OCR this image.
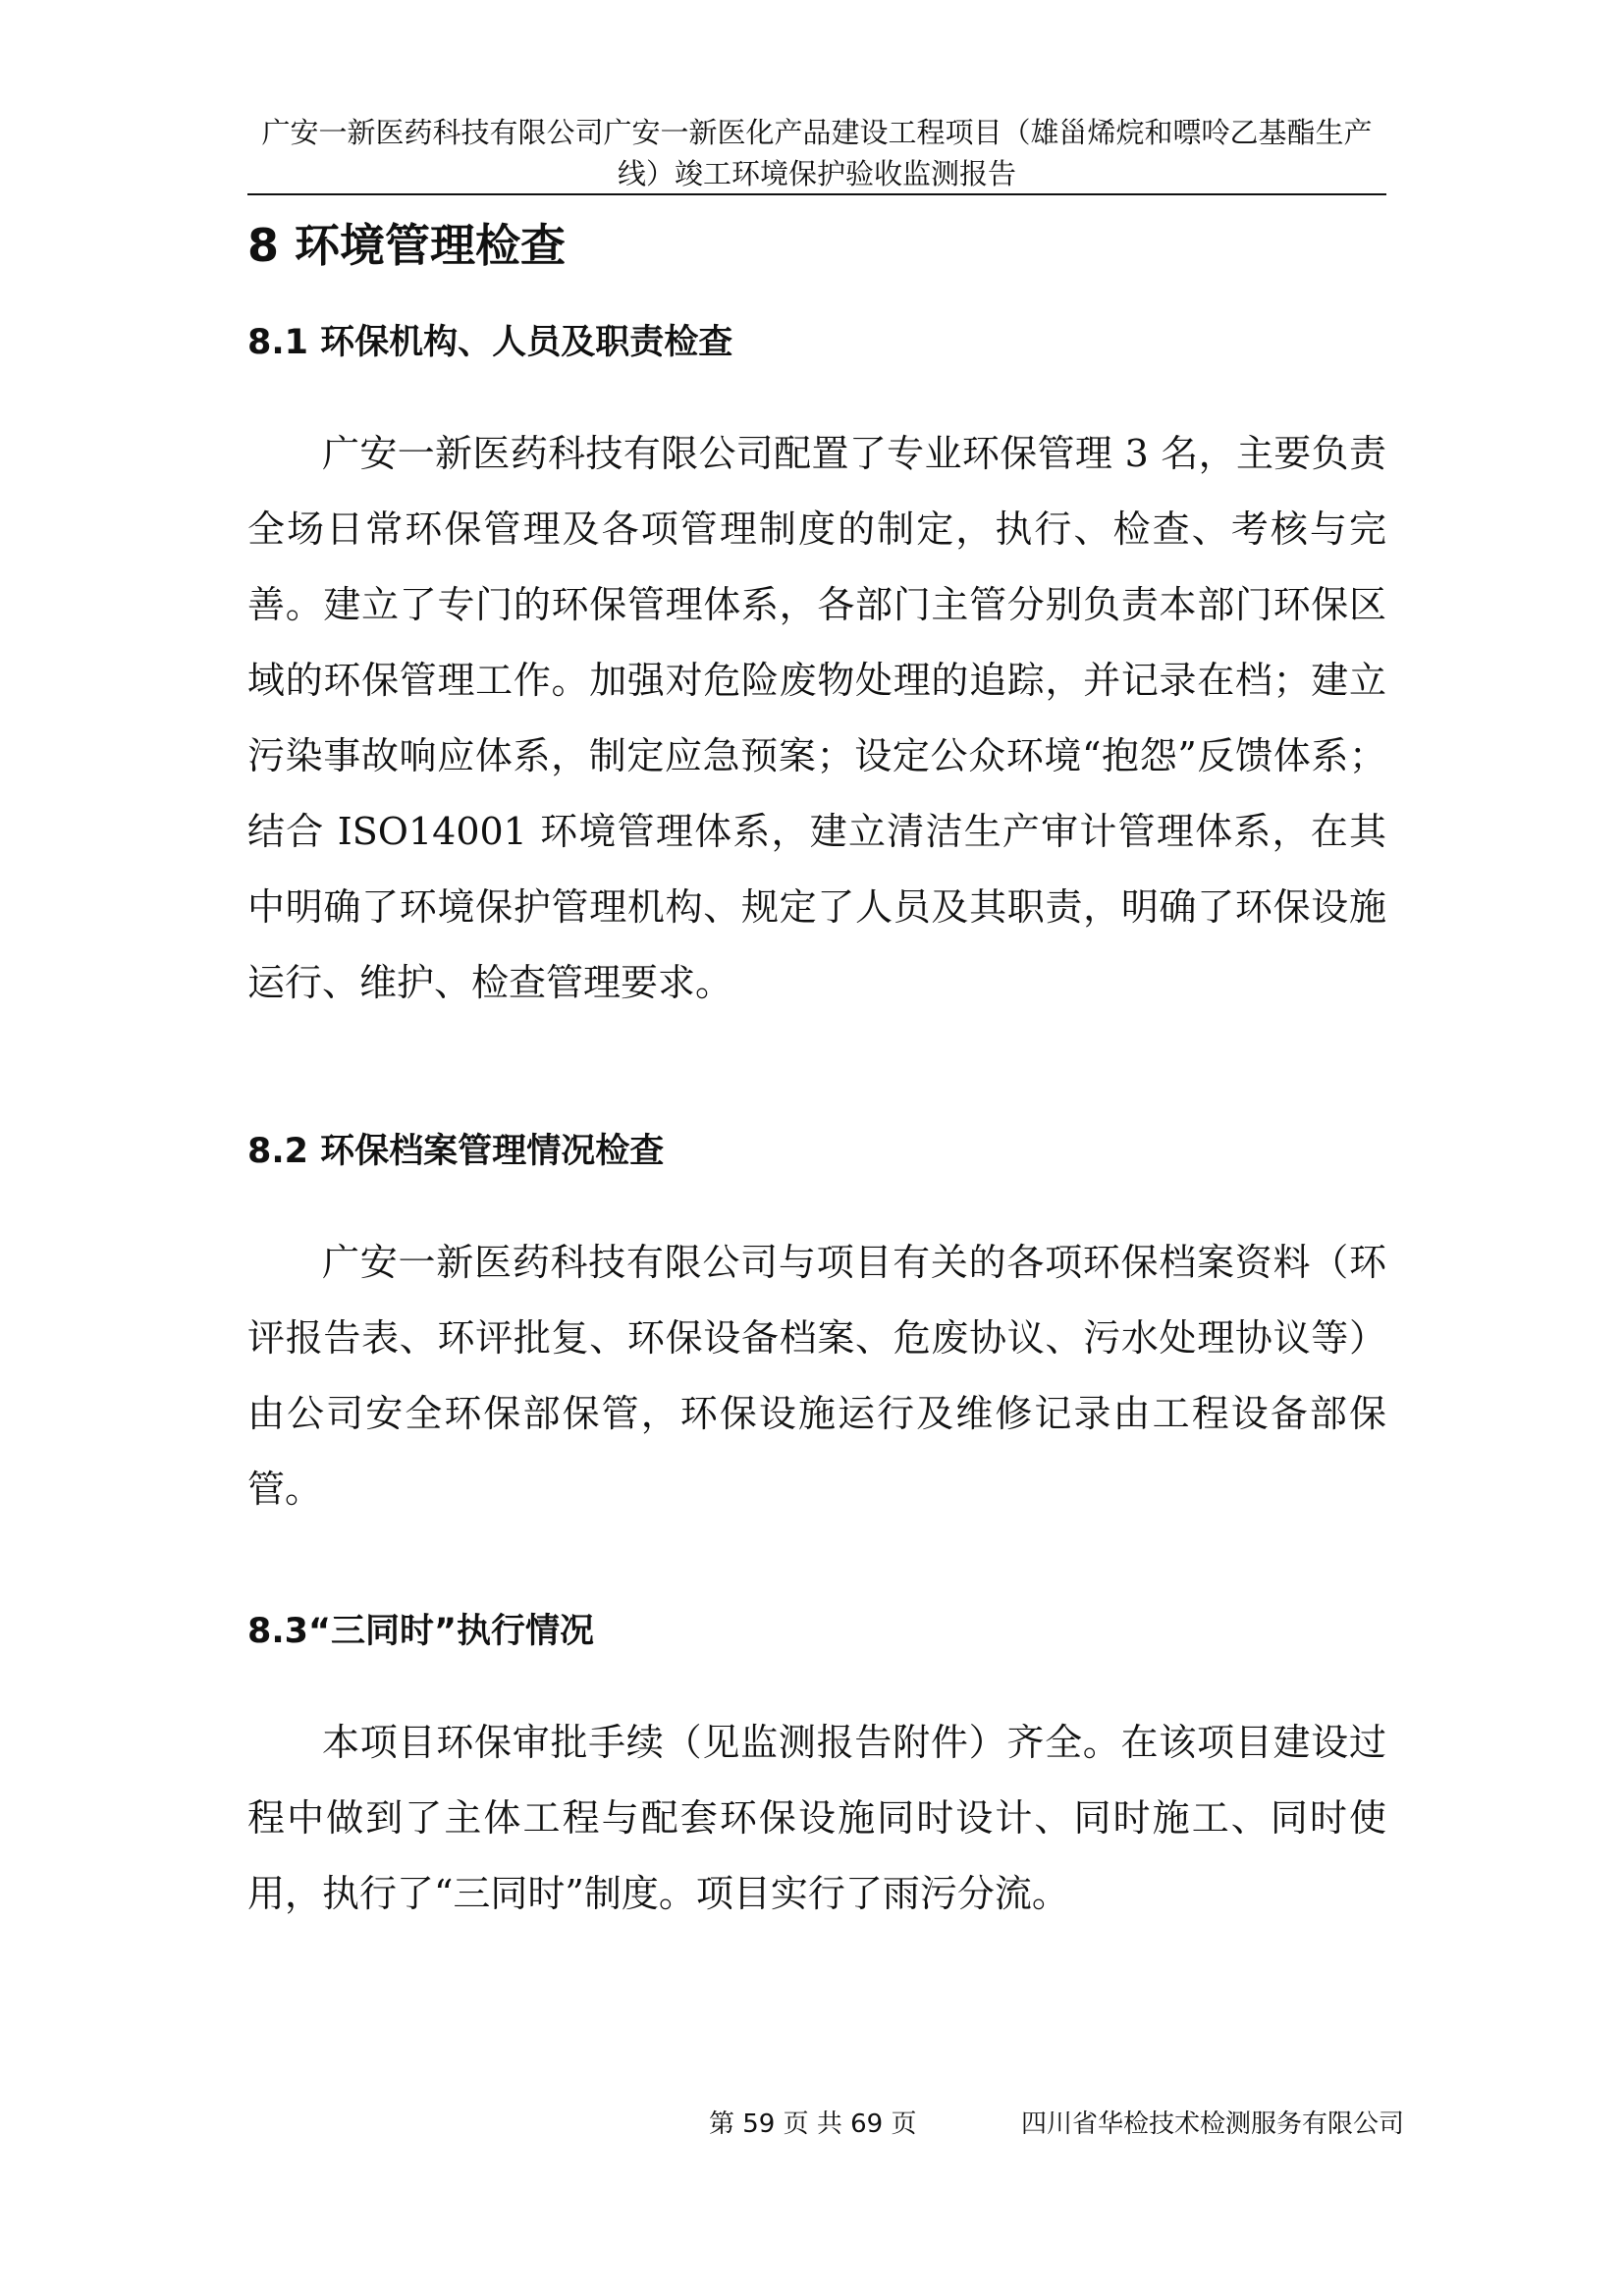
广安一新医药科技有限公司广安一新医化产品建设工程项目（雄甾烯烷和嘌呤乙基酯生产
线）竣工环境保护验收监测报告
8 环境管理检查
8.1 环保机构、人员及职责检查

广安一新医药科技有限公司配置了专业环保管理 3 名，主要负责全场日常环保管理及各项管理制度的制定，执行、检查、考核与完善。建立了专门的环保管理体系，各部门主管分别负责本部门环保区域的环保管理工作。加强对危险废物处理的追踪，并记录在档；建立污染事故响应体系，制定应急预案；设定公众环境“抱怨”反馈体系；结合 ISO14001 环境管理体系，建立清洁生产审计管理体系，在其中明确了环境保护管理机构、规定了人员及其职责，明确了环保设施运行、维护、检查管理要求。

8.2 环保档案管理情况检查

广安一新医药科技有限公司与项目有关的各项环保档案资料（环评报告表、环评批复、环保设备档案、危废协议、污水处理协议等）由公司安全环保部保管，环保设施运行及维修记录由工程设备部保管。

8.3“三同时”执行情况

本项目环保审批手续（见监测报告附件）齐全。在该项目建设过程中做到了主体工程与配套环保设施同时设计、同时施工、同时使用，执行了“三同时”制度。项目实行了雨污分流。

第 59 页 共 69 页	四川省华检技术检测服务有限公司
